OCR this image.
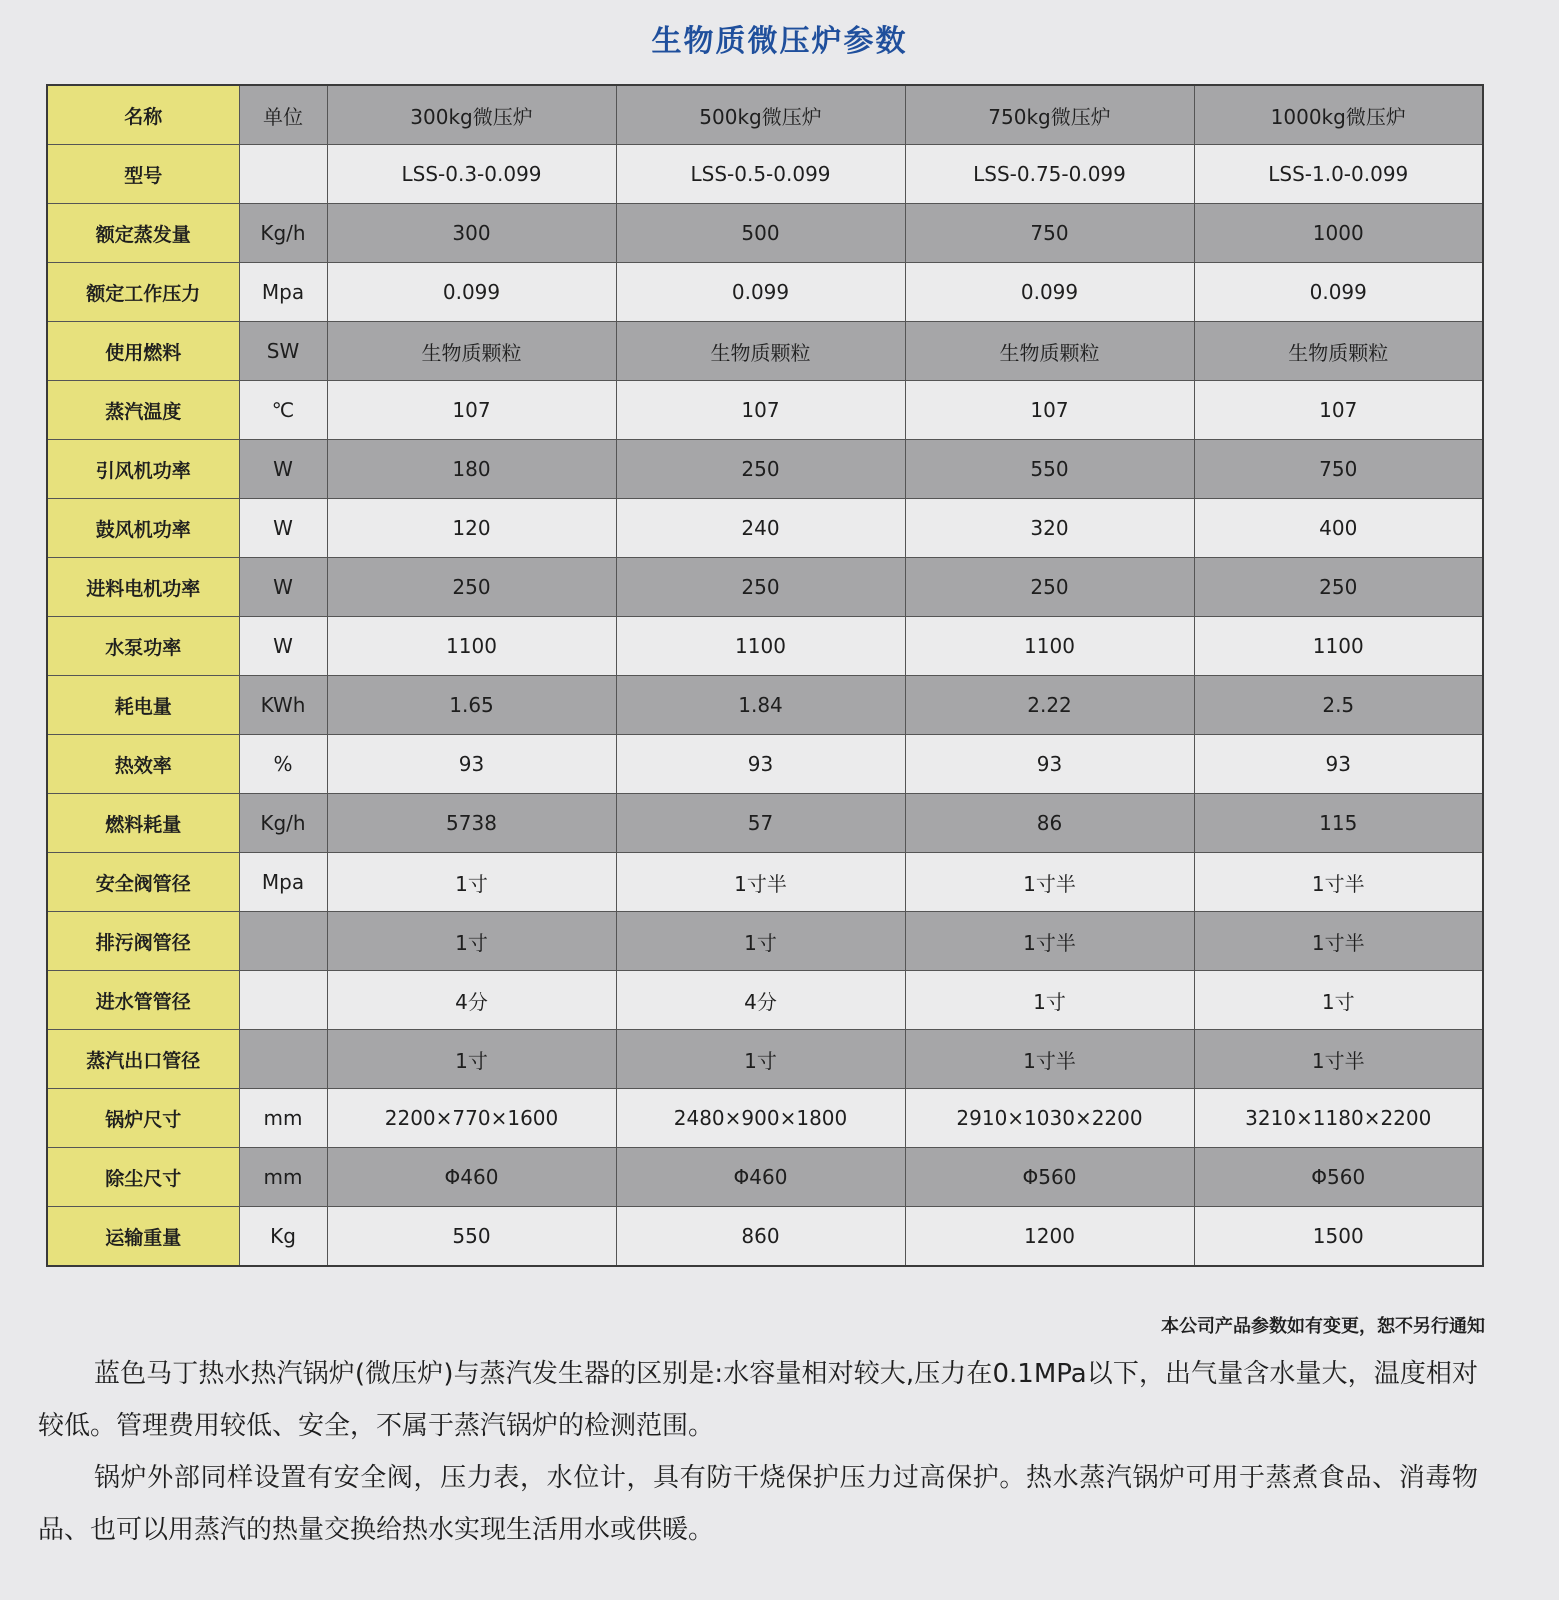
生物质微压炉参数
名称	单位	300kg微压炉	500kg微压炉	750kg微压炉	1000kg微压炉
型号		LSS-0.3-0.099	LSS-0.5-0.099	LSS-0.75-0.099	LSS-1.0-0.099
额定蒸发量	Kg/h	300	500	750	1000
额定工作压力	Mpa	0.099	0.099	0.099	0.099
使用燃料	SW	生物质颗粒	生物质颗粒	生物质颗粒	生物质颗粒
蒸汽温度	℃	107	107	107	107
引风机功率	W	180	250	550	750
鼓风机功率	W	120	240	320	400
进料电机功率	W	250	250	250	250
水泵功率	W	1100	1100	1100	1100
耗电量	KWh	1.65	1.84	2.22	2.5
热效率	%	93	93	93	93
燃料耗量	Kg/h	5738	57	86	115
安全阀管径	Mpa	1寸	1寸半	1寸半	1寸半
排污阀管径		1寸	1寸	1寸半	1寸半
进水管管径		4分	4分	1寸	1寸
蒸汽出口管径		1寸	1寸	1寸半	1寸半
锅炉尺寸	mm	2200×770×1600	2480×900×1800	2910×1030×2200	3210×1180×2200
除尘尺寸	mm	Φ460	Φ460	Φ560	Φ560
运输重量	Kg	550	860	1200	1500
本公司产品参数如有变更，恕不另行通知
蓝色马丁热水热汽锅炉(微压炉)与蒸汽发生器的区别是:水容量相对较大,压力在0.1MPa以下，出气量含水量大，温度相对较低。管理费用较低、安全，不属于蒸汽锅炉的检测范围。
锅炉外部同样设置有安全阀，压力表，水位计，具有防干烧保护压力过高保护。热水蒸汽锅炉可用于蒸煮食品、消毒物品、也可以用蒸汽的热量交换给热水实现生活用水或供暖。
